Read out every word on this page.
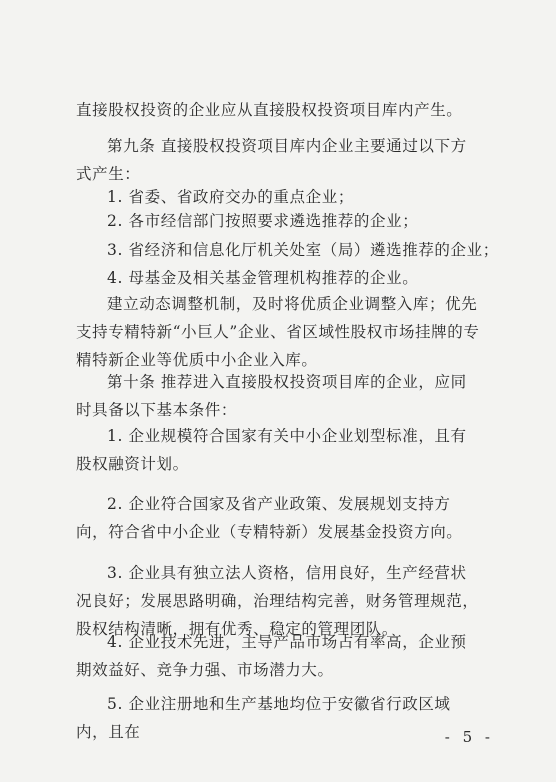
直接股权投资的企业应从直接股权投资项目库内产生。

第九条 直接股权投资项目库内企业主要通过以下方式产生：

1. 省委、省政府交办的重点企业；

2. 各市经信部门按照要求遴选推荐的企业；

3. 省经济和信息化厅机关处室（局）遴选推荐的企业；

4. 母基金及相关基金管理机构推荐的企业。

建立动态调整机制，及时将优质企业调整入库；优先支持专精特新“小巨人”企业、省区域性股权市场挂牌的专精特新企业等优质中小企业入库。

第十条 推荐进入直接股权投资项目库的企业，应同时具备以下基本条件：

1. 企业规模符合国家有关中小企业划型标准，且有股权融资计划。

2. 企业符合国家及省产业政策、发展规划支持方向，符合省中小企业（专精特新）发展基金投资方向。

3. 企业具有独立法人资格，信用良好，生产经营状况良好；发展思路明确，治理结构完善，财务管理规范，股权结构清晰，拥有优秀、稳定的管理团队。

4. 企业技术先进，主导产品市场占有率高，企业预期效益好、竞争力强、市场潜力大。

5. 企业注册地和生产基地均位于安徽省行政区域内，且在	- 5 -
